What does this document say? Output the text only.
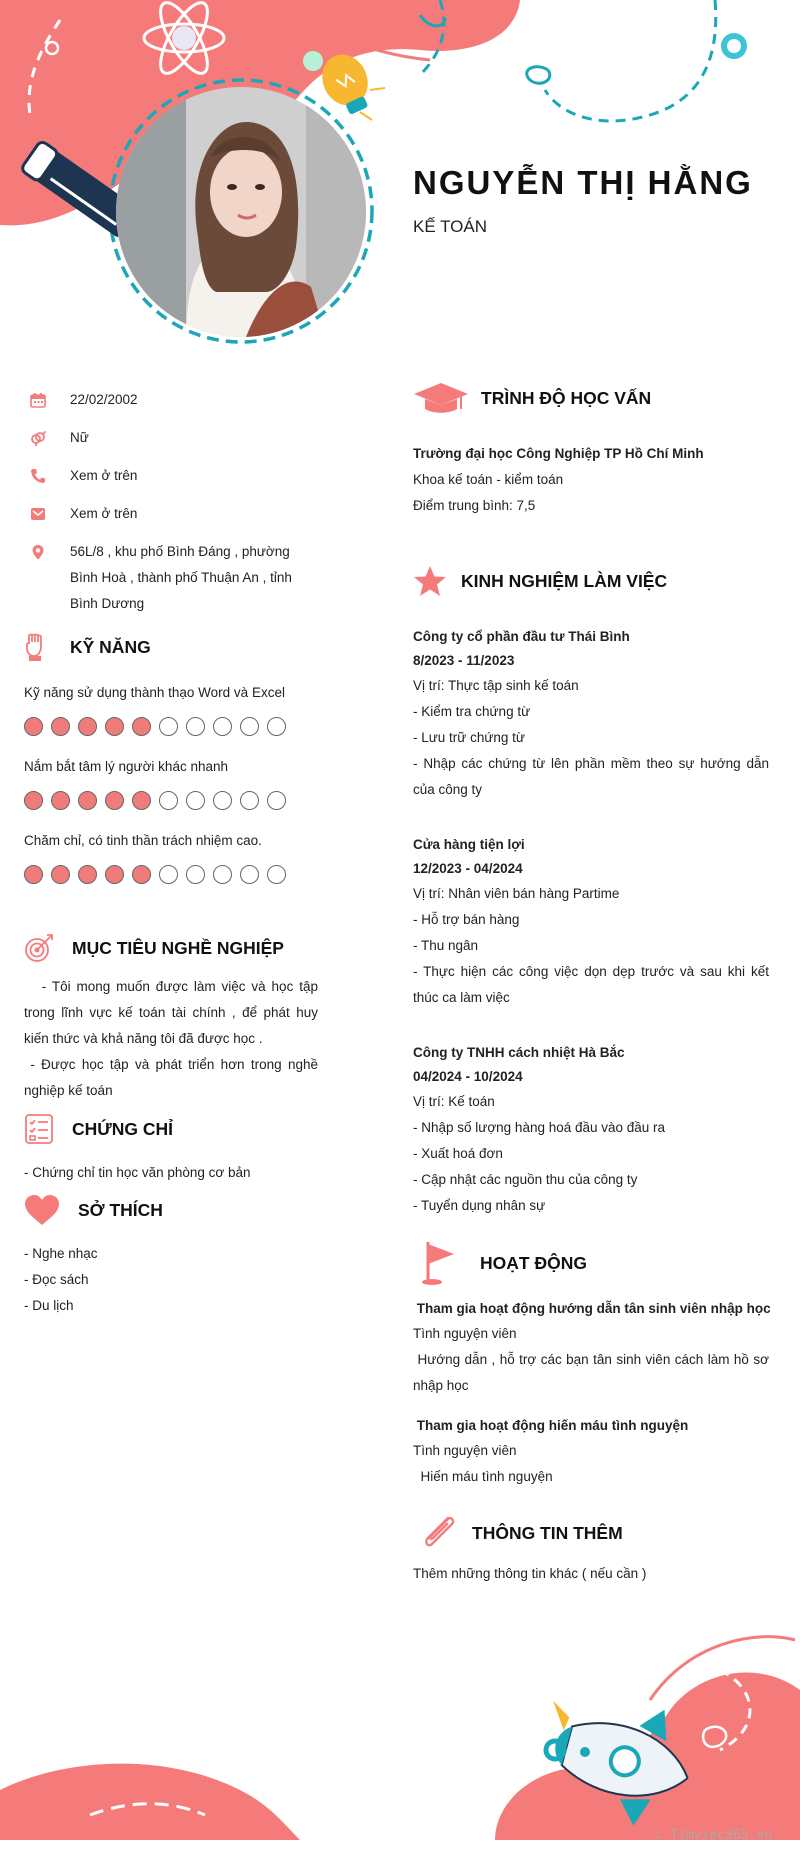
NGUYỄN THỊ HẰNG
KẾ TOÁN
22/02/2002
Nữ
Xem ở trên
Xem ở trên
56L/8 , khu phố Bình Đáng , phường Bình Hoà , thành phố Thuận An , tỉnh Bình Dương
KỸ NĂNG
Kỹ năng sử dụng thành thạo Word và Excel
Nắm bắt tâm lý người khác nhanh
Chăm chỉ, có tinh thần trách nhiệm cao.
MỤC TIÊU NGHỀ NGHIỆP
- Tôi mong muốn được làm việc và học tập trong lĩnh vực kế toán tài chính , để phát huy kiến thức và khả năng tôi đã được học .
- Được học tập và phát triển hơn trong nghề nghiệp kế toán
CHỨNG CHỈ
- Chứng chỉ tin học văn phòng cơ bản
SỞ THÍCH
- Nghe nhạc
- Đọc sách
- Du lịch
TRÌNH ĐỘ HỌC VẤN
Trường đại học Công Nghiệp TP Hồ Chí Minh
Khoa kế toán - kiểm toán
Điểm trung bình: 7,5
KINH NGHIỆM LÀM VIỆC
Công ty cổ phần đầu tư Thái Bình
8/2023 - 11/2023
Vị trí: Thực tập sinh kế toán
- Kiểm tra chứng từ
- Lưu trữ chứng từ
- Nhập các chứng từ lên phần mềm theo sự hướng dẫn của công ty
Cửa hàng tiện lợi
12/2023 - 04/2024
Vị trí: Nhân viên bán hàng Partime
- Hỗ trợ bán hàng
- Thu ngân
- Thực hiện các công việc dọn dẹp trước và sau khi kết thúc ca làm việc
Công ty TNHH cách nhiệt Hà Bắc
04/2024 - 10/2024
Vị trí: Kế toán
- Nhập số lượng hàng hoá đầu vào đầu ra
- Xuất hoá đơn
- Cập nhật các nguồn thu của công ty
- Tuyển dụng nhân sự
HOẠT ĐỘNG
Tham gia hoạt động hướng dẫn tân sinh viên nhập học
Tình nguyện viên
Hướng dẫn , hỗ trợ các bạn tân sinh viên cách làm hồ sơ nhập học
Tham gia hoạt động hiến máu tình nguyện
Tình nguyện viên
Hiến máu tình nguyện
THÔNG TIN THÊM
Thêm những thông tin khác ( nếu cần )
∴ Timviec365.vn
